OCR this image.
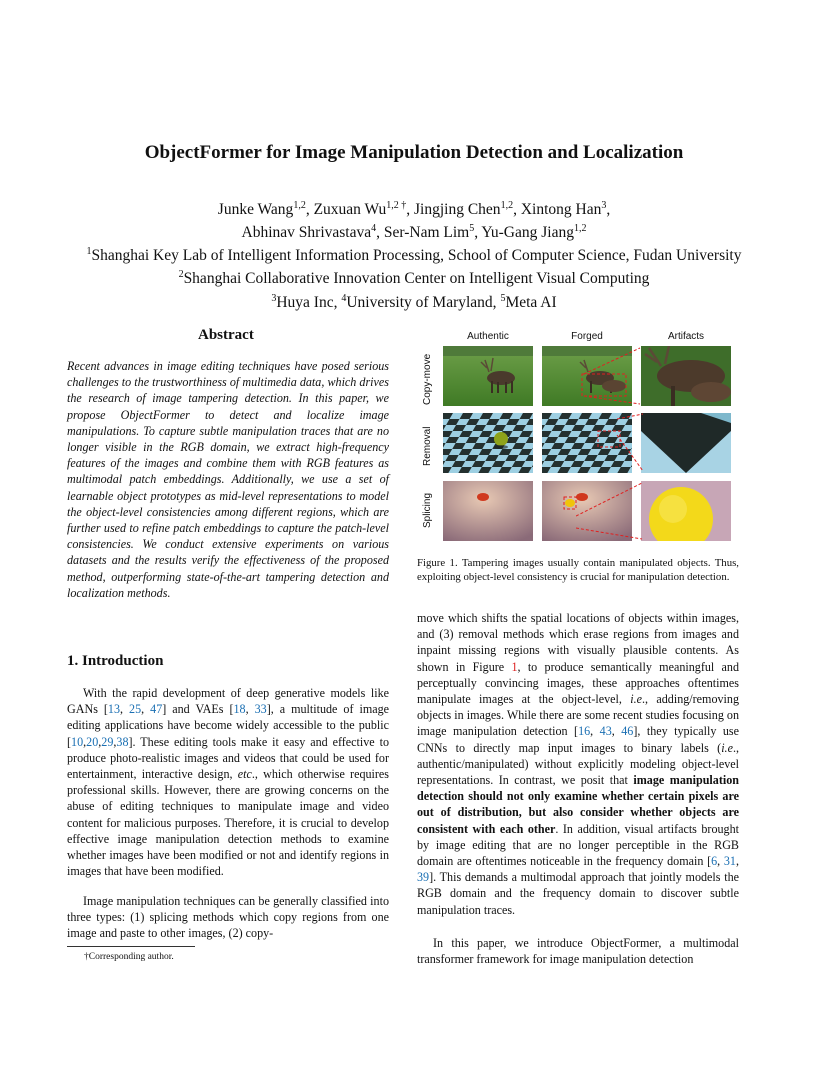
ObjectFormer for Image Manipulation Detection and Localization
Junke Wang$^{1,2}$, Zuxuan $Wu^{1,2 \dagger}$, Jingjing Chen$^{1,2}$, Xintong Han$^3$,
Abhinav Shrivastava$^4$, Ser-Nam Lim$^5$, Yu-Gang Jiang$^{1,2}$
$^1$Shanghai Key Lab of Intelligent Information Processing, School of Computer Science, Fudan University
$^2$Shanghai Collaborative Innovation Center on Intelligent Visual Computing
$^3$Huya Inc, $^4$University of Maryland, $^5$Meta AI
Abstract
Recent advances in image editing techniques have posed serious challenges to the trustworthiness of multimedia data, which drives the research of image tampering detection. In this paper, we propose ObjectFormer to detect and localize image manipulations. To capture subtle manipulation traces that are no longer visible in the RGB domain, we extract high-frequency features of the images and combine them with RGB features as multimodal patch embeddings. Additionally, we use a set of learnable object prototypes as mid-level representations to model the object-level consistencies among different regions, which are further used to refine patch embeddings to capture the patch-level consistencies. We conduct extensive experiments on various datasets and the results verify the effectiveness of the proposed method, outperforming state-of-the-art tampering detection and localization methods.
1. Introduction
With the rapid development of deep generative models like GANs [13, 25, 47] and VAEs [18, 33], a multitude of image editing applications have become widely accessible to the public [10,20,29,38]. These editing tools make it easy and effective to produce photo-realistic images and videos that could be used for entertainment, interactive design, etc., which otherwise requires professional skills. However, there are growing concerns on the abuse of editing techniques to manipulate image and video content for malicious purposes. Therefore, it is crucial to develop effective image manipulation detection methods to examine whether images have been modified or not and identify regions in images that have been modified.
Image manipulation techniques can be generally classified into three types: (1) splicing methods which copy regions from one image and paste to other images, (2) copy-
†Corresponding author.
Authentic	Forged	Artifacts
Copy-move
Removal
Splicing
Figure 1. Tampering images usually contain manipulated objects. Thus, exploiting object-level consistency is crucial for manipulation detection.
move which shifts the spatial locations of objects within images, and (3) removal methods which erase regions from images and inpaint missing regions with visually plausible contents. As shown in Figure 1, to produce semantically meaningful and perceptually convincing images, these approaches oftentimes manipulate images at the object-level, i.e., adding/removing objects in images. While there are some recent studies focusing on image manipulation detection [16, 43, 46], they typically use CNNs to directly map input images to binary labels (i.e., authentic/manipulated) without explicitly modeling object-level representations. In contrast, we posit that image manipulation detection should not only examine whether certain pixels are out of distribution, but also consider whether objects are consistent with each other. In addition, visual artifacts brought by image editing that are no longer perceptible in the RGB domain are oftentimes noticeable in the frequency domain [6, 31, 39]. This demands a multimodal approach that jointly models the RGB domain and the frequency domain to discover subtle manipulation traces.
In this paper, we introduce ObjectFormer, a multimodal transformer framework for image manipulation detection
